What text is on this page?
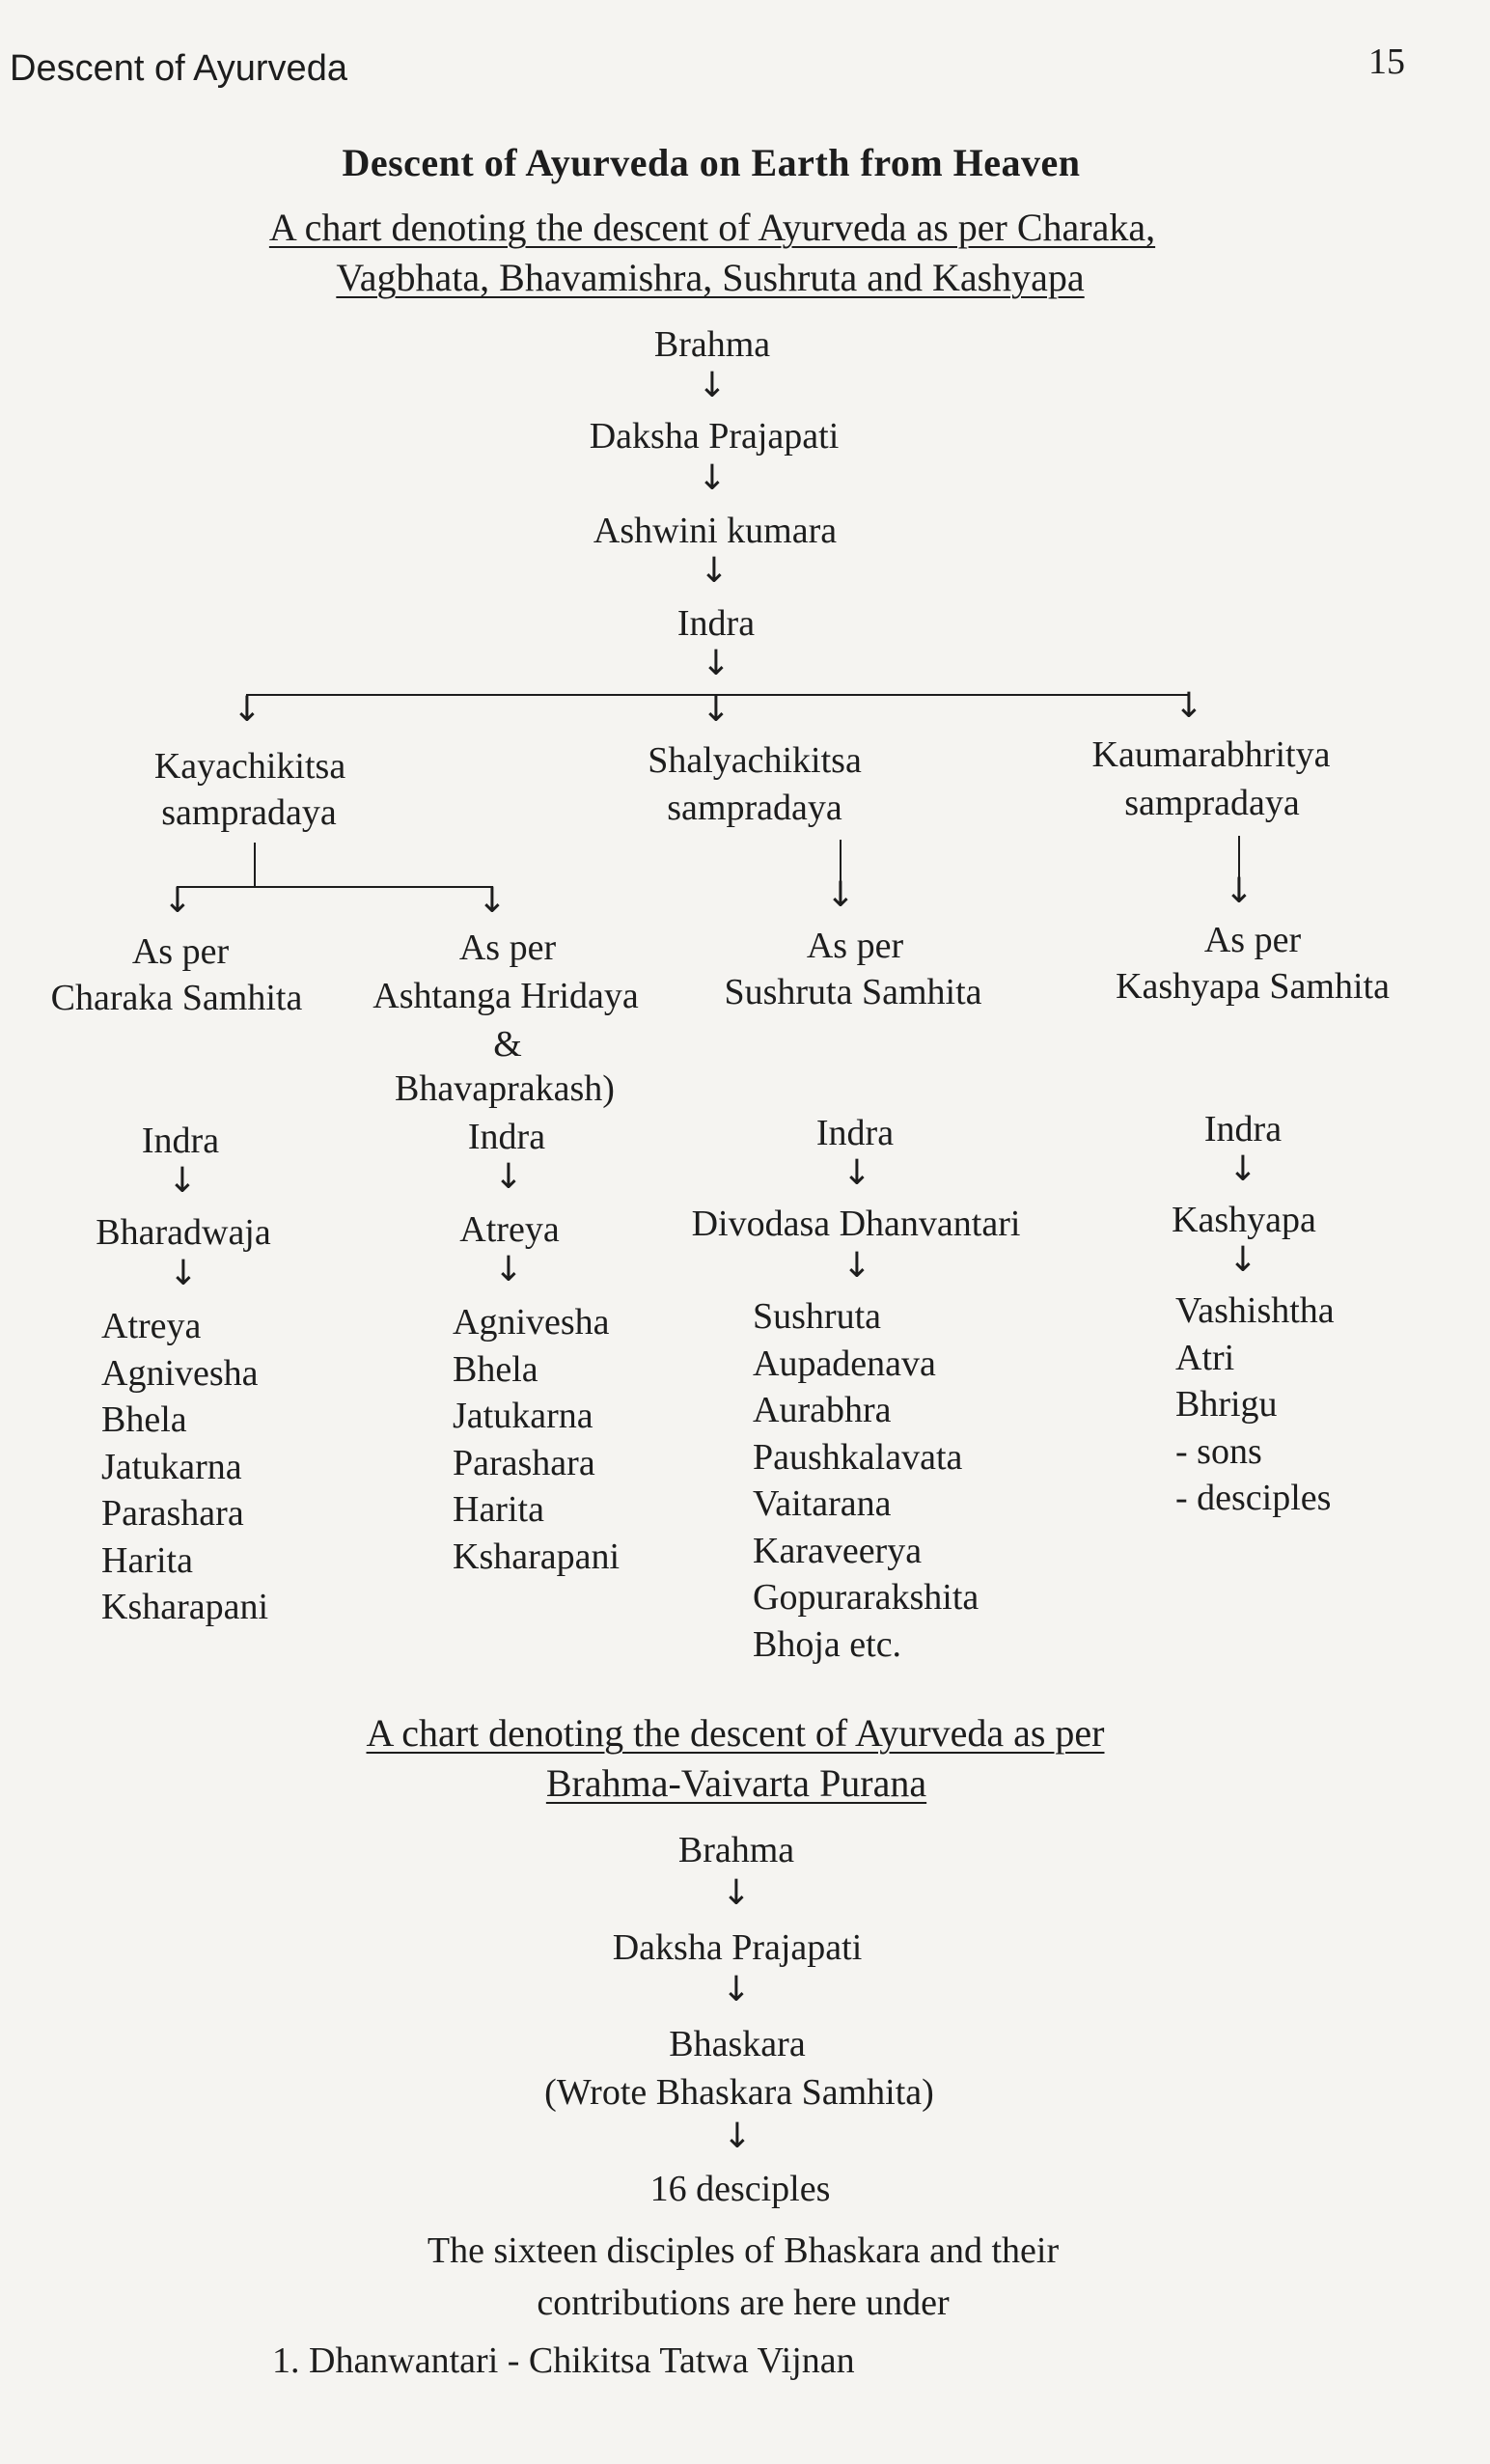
Descent of Ayurveda	15
Descent of Ayurveda on Earth from Heaven
A chart denoting the descent of Ayurveda as per Charaka,
Vagbhata, Bhavamishra, Sushruta and Kashyapa
Brahma
↓
Daksha Prajapati
↓
Ashwini kumara
↓
Indra
↓
↓	↓	↓
Kayachikitsa
sampradaya
Shalyachikitsa
sampradaya
Kaumarabhritya
sampradaya
↓	↓	↓	↓
As per
Charaka Samhita
Indra
↓
Bharadwaja
↓
Atreya
Agnivesha
Bhela
Jatukarna
Parashara
Harita
Ksharapani
As per
Ashtanga Hridaya
&
Bhavaprakash)
Indra
↓
Atreya
↓
Agnivesha
Bhela
Jatukarna
Parashara
Harita
Ksharapani
As per
Sushruta Samhita
Indra
↓
Divodasa Dhanvantari
↓
Sushruta
Aupadenava
Aurabhra
Paushkalavata
Vaitarana
Karaveerya
Gopurarakshita
Bhoja etc.
As per
Kashyapa Samhita
Indra
↓
Kashyapa
↓
Vashishtha
Atri
Bhrigu
- sons
- desciples
A chart denoting the descent of Ayurveda as per
Brahma-Vaivarta Purana
Brahma
↓
Daksha Prajapati
↓
Bhaskara
(Wrote Bhaskara Samhita)
↓
16 desciples
The sixteen disciples of Bhaskara and their
contributions are here under
1. Dhanwantari - Chikitsa Tatwa Vijnan
